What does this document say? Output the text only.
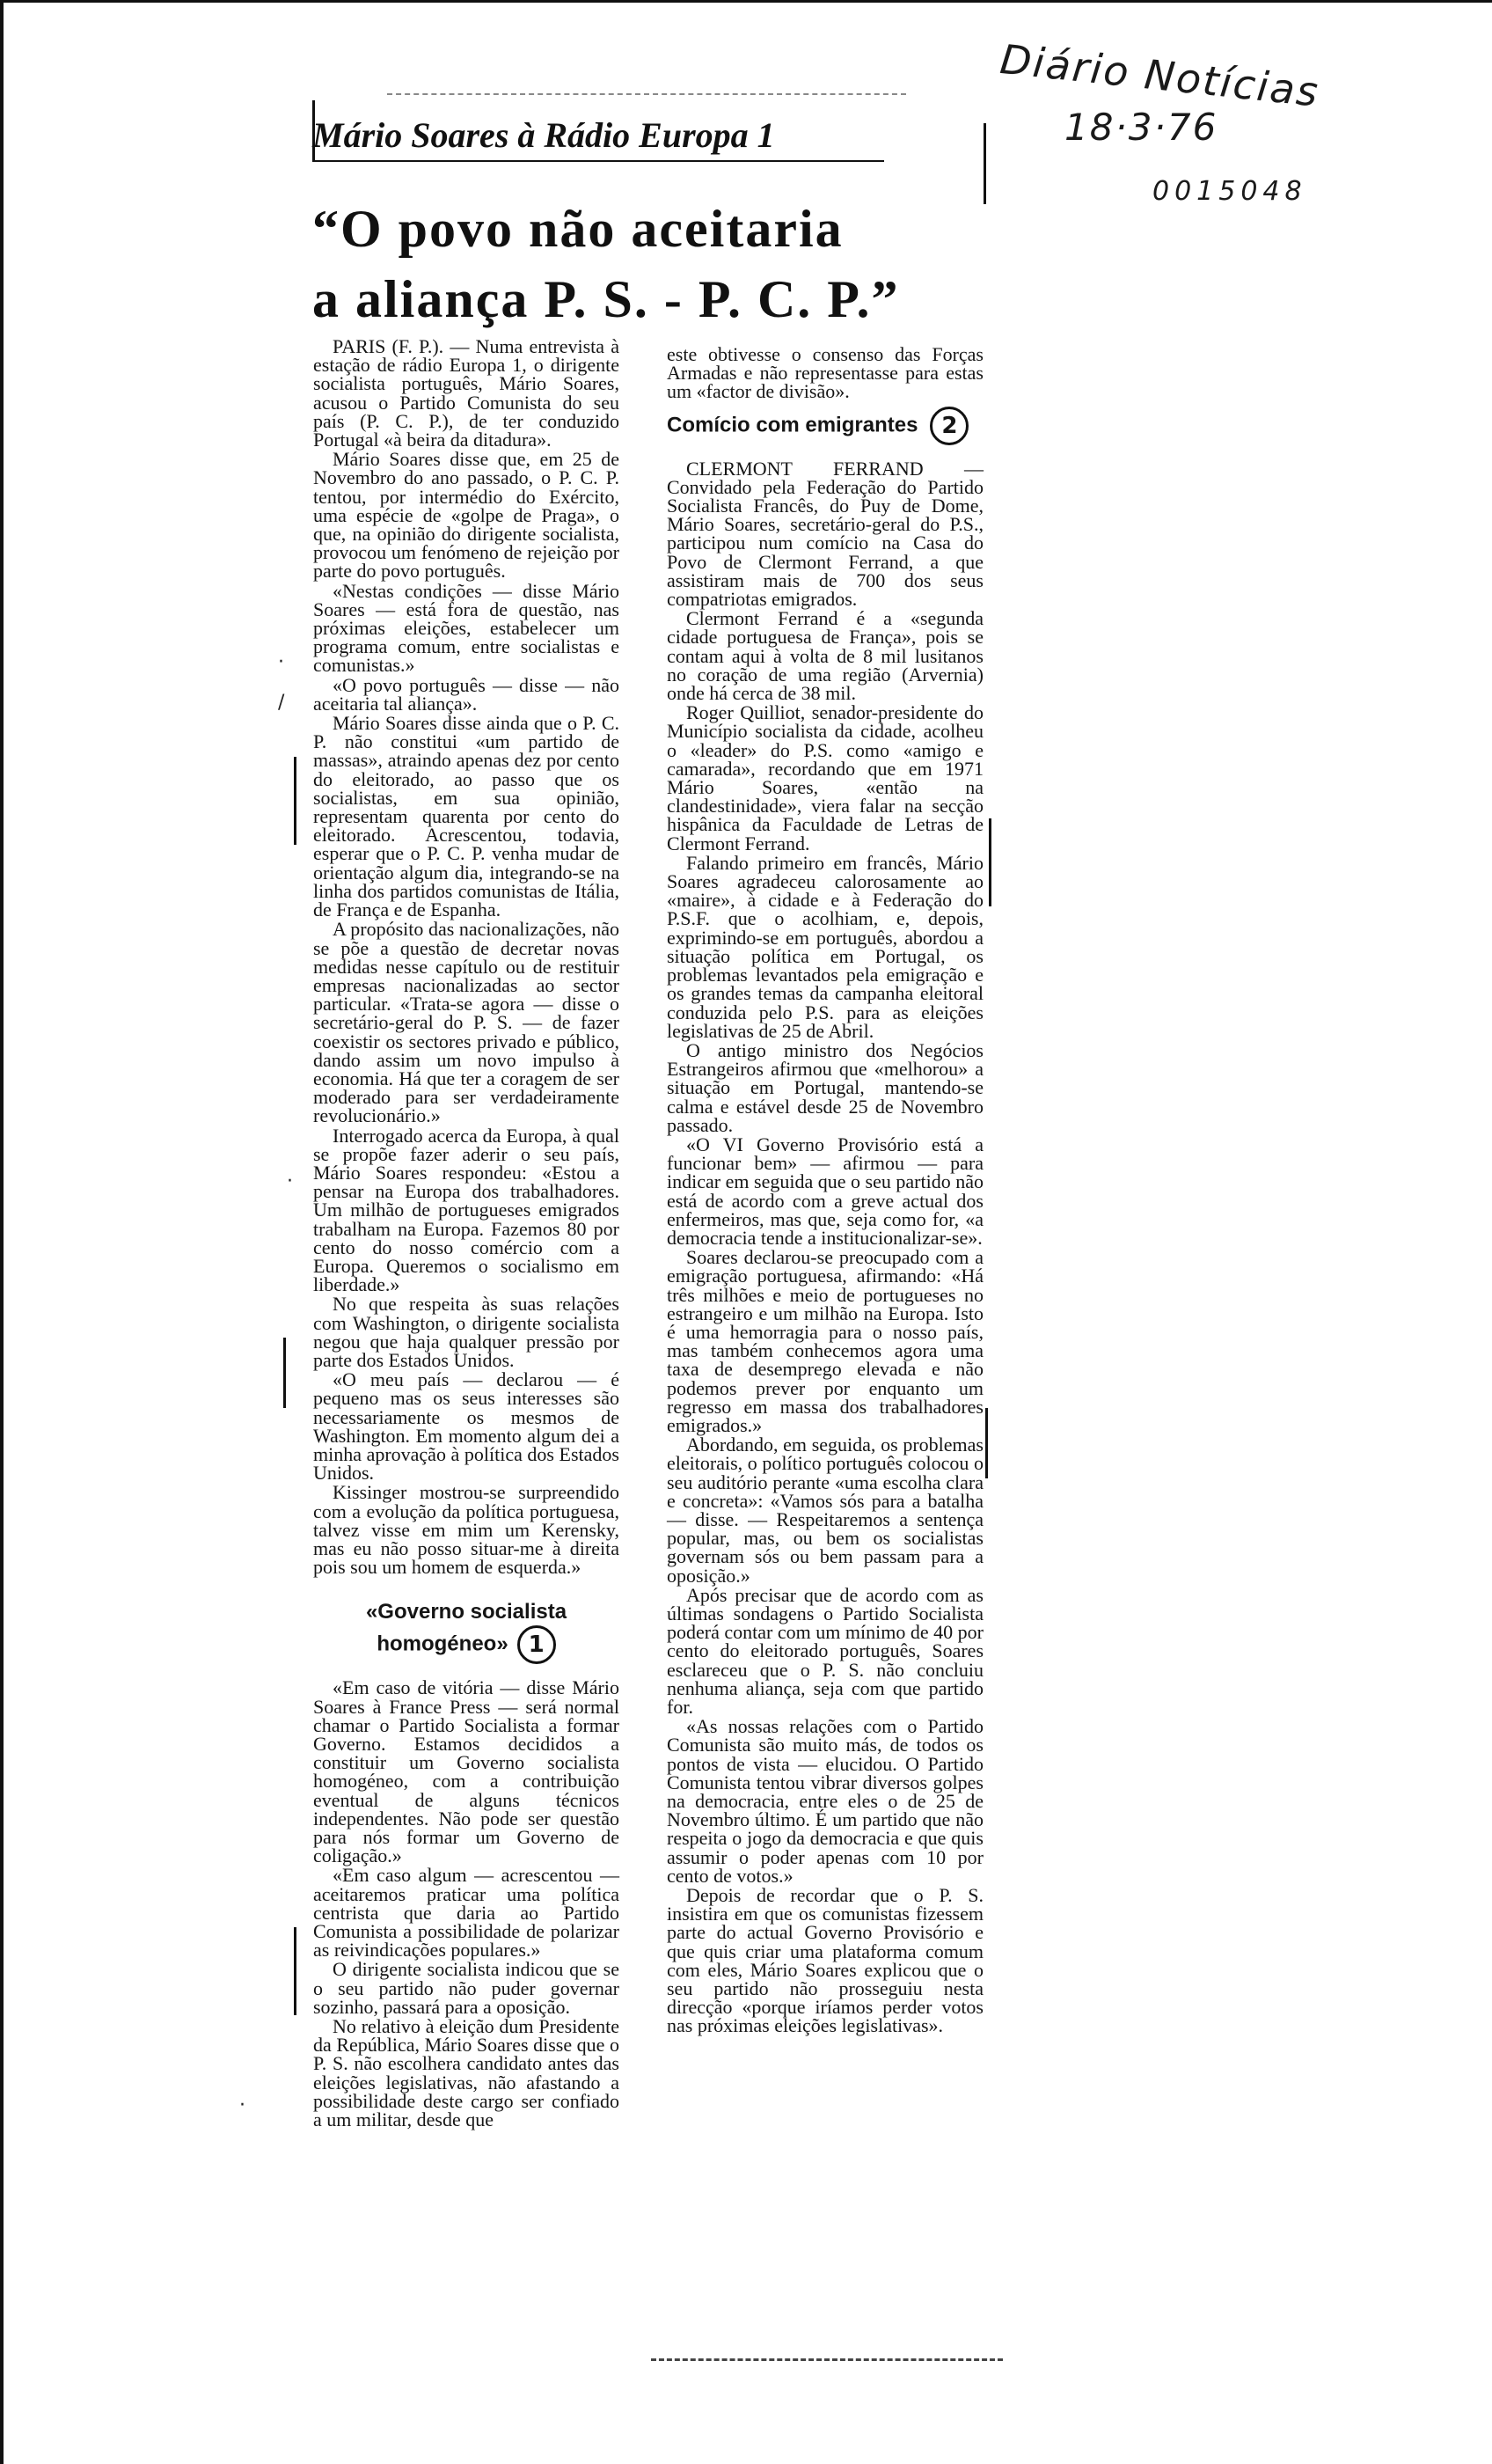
Diário Notícias
18·3·76
0015048
Mário Soares à Rádio Europa 1
“O povo não aceitaria
a aliança P. S. - P. C. P.”
·
/
·
·

PARIS (F. P.). — Numa entrevista à estação de rádio Europa 1, o dirigente socialista português, Mário Soares, acusou o Partido Comunista do seu país (P. C. P.), de ter conduzido Portugal «à beira da ditadura».

Mário Soares disse que, em 25 de Novembro do ano passado, o P. C. P. tentou, por intermédio do Exército, uma espécie de «golpe de Praga», o que, na opinião do dirigente socialista, provocou um fenómeno de rejeição por parte do povo português.

«Nestas condições — disse Mário Soares — está fora de questão, nas próximas eleições, estabelecer um programa comum, entre socialistas e comunistas.»

«O povo português — disse — não aceitaria tal aliança».

Mário Soares disse ainda que o P. C. P. não constitui «um partido de massas», atraindo apenas dez por cento do eleitorado, ao passo que os socialistas, em sua opinião, representam quarenta por cento do eleitorado. Acrescentou, todavia, esperar que o P. C. P. venha mudar de orientação algum dia, integrando-se na linha dos partidos comunistas de Itália, de França e de Espanha.

A propósito das nacionalizações, não se põe a questão de decretar novas medidas nesse capítulo ou de restituir empresas nacionalizadas ao sector particular. «Trata-se agora — disse o secretário-geral do P. S. — de fazer coexistir os sectores privado e público, dando assim um novo impulso à economia. Há que ter a coragem de ser moderado para ser verdadeiramente revolucionário.»

Interrogado acerca da Europa, à qual se propõe fazer aderir o seu país, Mário Soares respondeu: «Estou a pensar na Europa dos trabalhadores. Um milhão de portugueses emigrados trabalham na Europa. Fazemos 80 por cento do nosso comércio com a Europa. Queremos o socialismo em liberdade.»

No que respeita às suas relações com Washington, o dirigente socialista negou que haja qualquer pressão por parte dos Estados Unidos.

«O meu país — declarou — é pequeno mas os seus interesses são necessariamente os mesmos de Washington. Em momento algum dei a minha aprovação à política dos Estados Unidos.

Kissinger mostrou-se surpreendido com a evolução da política portuguesa, talvez visse em mim um Kerensky, mas eu não posso situar-me à direita pois sou um homem de esquerda.»

«Governo socialista homogéneo» 1

«Em caso de vitória — disse Mário Soares à France Press — será normal chamar o Partido Socialista a formar Governo. Estamos decididos a constituir um Governo socialista homogéneo, com a contribuição eventual de alguns técnicos independentes. Não pode ser questão para nós formar um Governo de coligação.»

«Em caso algum — acrescentou — aceitaremos praticar uma política centrista que daria ao Partido Comunista a possibilidade de polarizar as reivindicações populares.»

O dirigente socialista indicou que se o seu partido não puder governar sozinho, passará para a oposição.

No relativo à eleição dum Presidente da República, Mário Soares disse que o P. S. não escolhera candidato antes das eleições legislativas, não afastando a possibilidade deste cargo ser confiado a um militar, desde que

este obtivesse o consenso das Forças Armadas e não representasse para estas um «factor de divisão».

Comício com emigrantes 2

CLERMONT FERRAND — Convidado pela Federação do Partido Socialista Francês, do Puy de Dome, Mário Soares, secretário-geral do P.S., participou num comício na Casa do Povo de Clermont Ferrand, a que assistiram mais de 700 dos seus compatriotas emigrados.

Clermont Ferrand é a «segunda cidade portuguesa de França», pois se contam aqui à volta de 8 mil lusitanos no coração de uma região (Arvernia) onde há cerca de 38 mil.

Roger Quilliot, senador-presidente do Município socialista da cidade, acolheu o «leader» do P.S. como «amigo e camarada», recordando que em 1971 Mário Soares, «então na clandestinidade», viera falar na secção hispânica da Faculdade de Letras de Clermont Ferrand.

Falando primeiro em francês, Mário Soares agradeceu calorosamente ao «maire», à cidade e à Federação do P.S.F. que o acolhiam, e, depois, exprimindo-se em português, abordou a situação política em Portugal, os problemas levantados pela emigração e os grandes temas da campanha eleitoral conduzida pelo P.S. para as eleições legislativas de 25 de Abril.

O antigo ministro dos Negócios Estrangeiros afirmou que «melhorou» a situação em Portugal, mantendo-se calma e estável desde 25 de Novembro passado.

«O VI Governo Provisório está a funcionar bem» — afirmou — para indicar em seguida que o seu partido não está de acordo com a greve actual dos enfermeiros, mas que, seja como for, «a democracia tende a institucionalizar-se».

Soares declarou-se preocupado com a emigração portuguesa, afirmando: «Há três milhões e meio de portugueses no estrangeiro e um milhão na Europa. Isto é uma hemorragia para o nosso país, mas também conhecemos agora uma taxa de desemprego elevada e não podemos prever por enquanto um regresso em massa dos trabalhadores emigrados.»

Abordando, em seguida, os problemas eleitorais, o político português colocou o seu auditório perante «uma escolha clara e concreta»: «Vamos sós para a batalha — disse. — Respeitaremos a sentença popular, mas, ou bem os socialistas governam sós ou bem passam para a oposição.»

Após precisar que de acordo com as últimas sondagens o Partido Socialista poderá contar com um mínimo de 40 por cento do eleitorado português, Soares esclareceu que o P. S. não concluiu nenhuma aliança, seja com que partido for.

«As nossas relações com o Partido Comunista são muito más, de todos os pontos de vista — elucidou. O Partido Comunista tentou vibrar diversos golpes na democracia, entre eles o de 25 de Novembro último. É um partido que não respeita o jogo da democracia e que quis assumir o poder apenas com 10 por cento de votos.»

Depois de recordar que o P. S. insistira em que os comunistas fizessem parte do actual Governo Provisório e que quis criar uma plataforma comum com eles, Mário Soares explicou que o seu partido não prosseguiu nesta direcção «porque iríamos perder votos nas próximas eleições legislativas».
